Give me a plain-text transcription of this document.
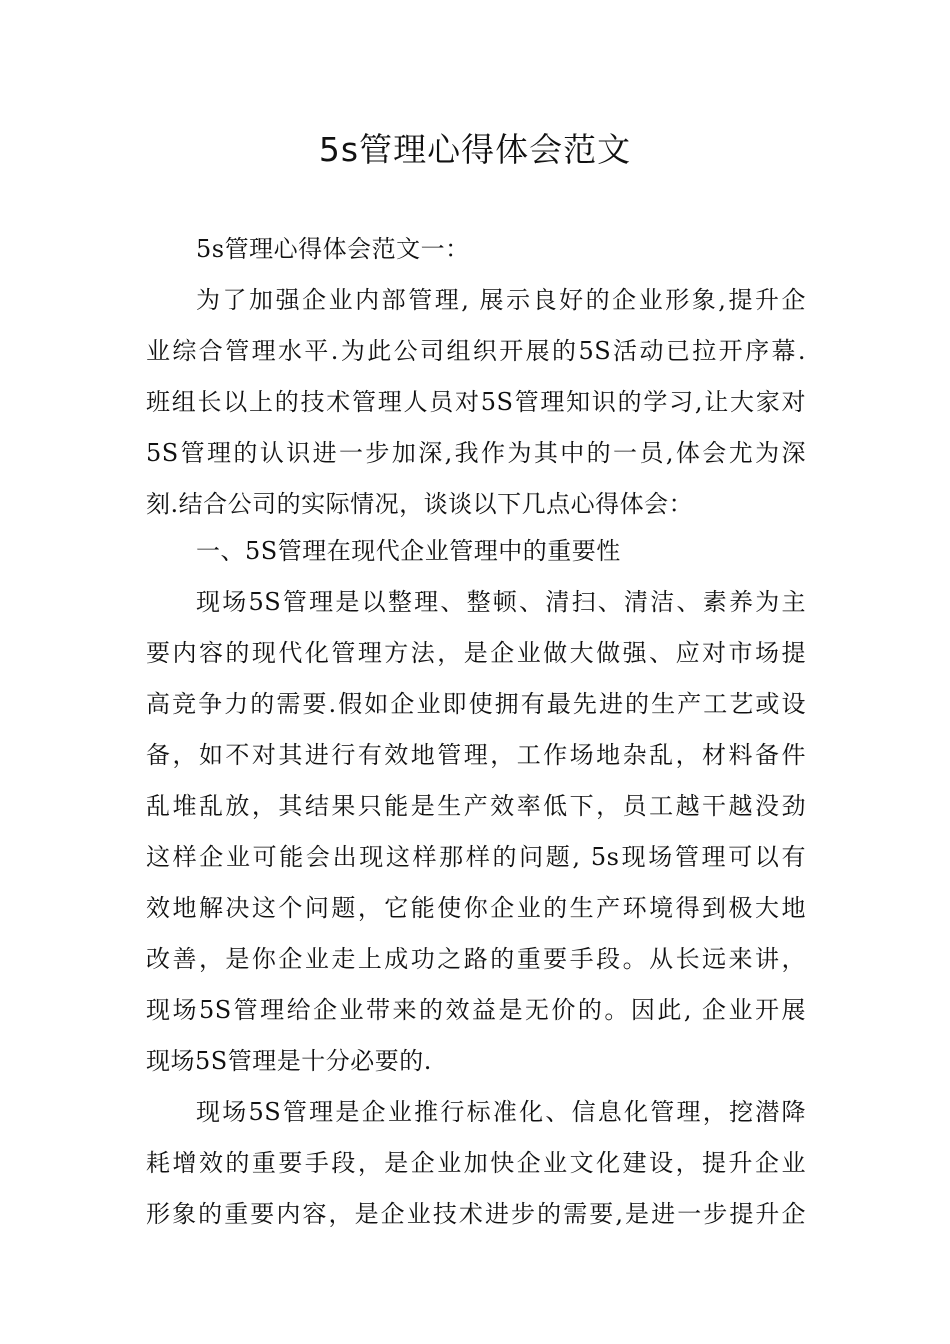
5s管理心得体会范文
5s管理心得体会范文一：
为了加强企业内部管理, 展示良好的企业形象,提升企
业综合管理水平.为此公司组织开展的5S活动已拉开序幕.
班组长以上的技术管理人员对5S管理知识的学习,让大家对
5S管理的认识进一步加深,我作为其中的一员,体会尤为深
刻.结合公司的实际情况，谈谈以下几点心得体会：
一、5S管理在现代企业管理中的重要性
现场5S管理是以整理、整顿、清扫、清洁、素养为主
要内容的现代化管理方法，是企业做大做强、应对市场提
高竞争力的需要.假如企业即使拥有最先进的生产工艺或设
备，如不对其进行有效地管理，工作场地杂乱，材料备件
乱堆乱放，其结果只能是生产效率低下，员工越干越没劲
这样企业可能会出现这样那样的问题, 5s现场管理可以有
效地解决这个问题，它能使你企业的生产环境得到极大地
改善，是你企业走上成功之路的重要手段。从长远来讲，
现场5S管理给企业带来的效益是无价的。因此, 企业开展
现场5S管理是十分必要的.
现场5S管理是企业推行标准化、信息化管理，挖潜降
耗增效的重要手段，是企业加快企业文化建设，提升企业
形象的重要内容，是企业技术进步的需要,是进一步提升企
